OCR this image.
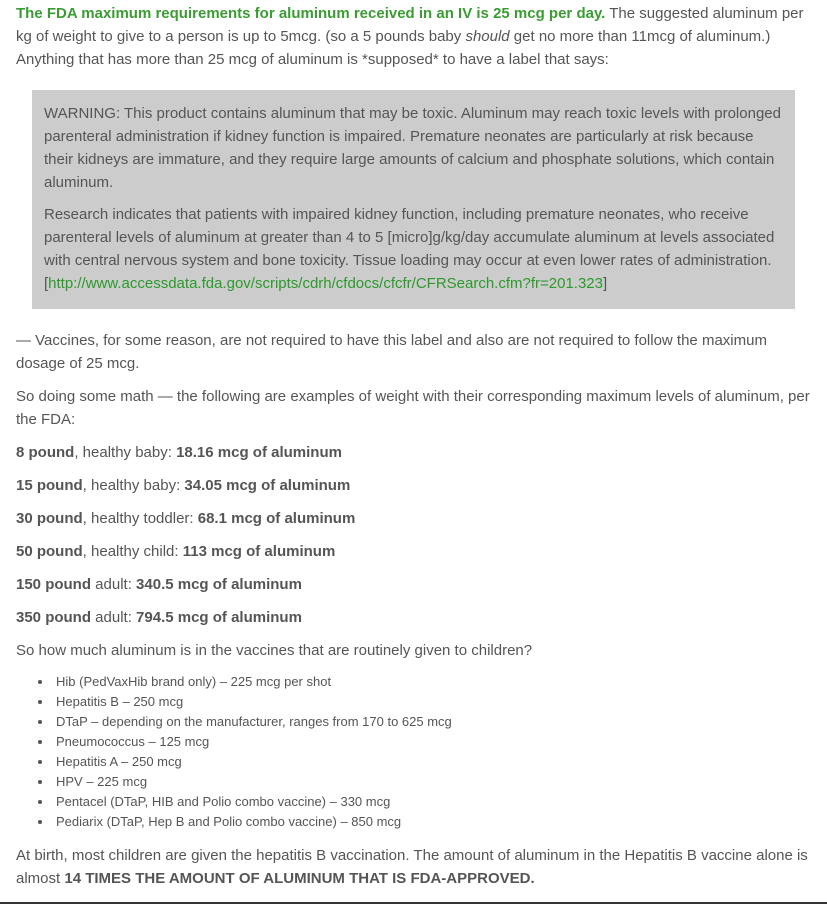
The FDA maximum requirements for aluminum received in an IV is 25 mcg per day. The suggested aluminum per kg of weight to give to a person is up to 5mcg. (so a 5 pounds baby should get no more than 11mcg of aluminum.) Anything that has more than 25 mcg of aluminum is *supposed* to have a label that says:

WARNING: This product contains aluminum that may be toxic. Aluminum may reach toxic levels with prolonged parenteral administration if kidney function is impaired. Premature neonates are particularly at risk because their kidneys are immature, and they require large amounts of calcium and phosphate solutions, which contain aluminum.

Research indicates that patients with impaired kidney function, including premature neonates, who receive parenteral levels of aluminum at greater than 4 to 5 [micro]g/kg/day accumulate aluminum at levels associated with central nervous system and bone toxicity. Tissue loading may occur at even lower rates of administration. [http://www.accessdata.fda.gov/scripts/cdrh/cfdocs/cfcfr/CFRSearch.cfm?fr=201.323]

— Vaccines, for some reason, are not required to have this label and also are not required to follow the maximum dosage of 25 mcg.

So doing some math — the following are examples of weight with their corresponding maximum levels of aluminum, per the FDA:

8 pound, healthy baby: 18.16 mcg of aluminum

15 pound, healthy baby: 34.05 mcg of aluminum

30 pound, healthy toddler: 68.1 mcg of aluminum

50 pound, healthy child: 113 mcg of aluminum

150 pound adult: 340.5 mcg of aluminum

350 pound adult: 794.5 mcg of aluminum

So how much aluminum is in the vaccines that are routinely given to children?

Hib (PedVaxHib brand only) – 225 mcg per shot
Hepatitis B – 250 mcg
DTaP – depending on the manufacturer, ranges from 170 to 625 mcg
Pneumococcus – 125 mcg
Hepatitis A – 250 mcg
HPV – 225 mcg
Pentacel (DTaP, HIB and Polio combo vaccine) – 330 mcg
Pediarix (DTaP, Hep B and Polio combo vaccine) – 850 mcg

At birth, most children are given the hepatitis B vaccination. The amount of aluminum in the Hepatitis B vaccine alone is almost 14 TIMES THE AMOUNT OF ALUMINUM THAT IS FDA-APPROVED.
